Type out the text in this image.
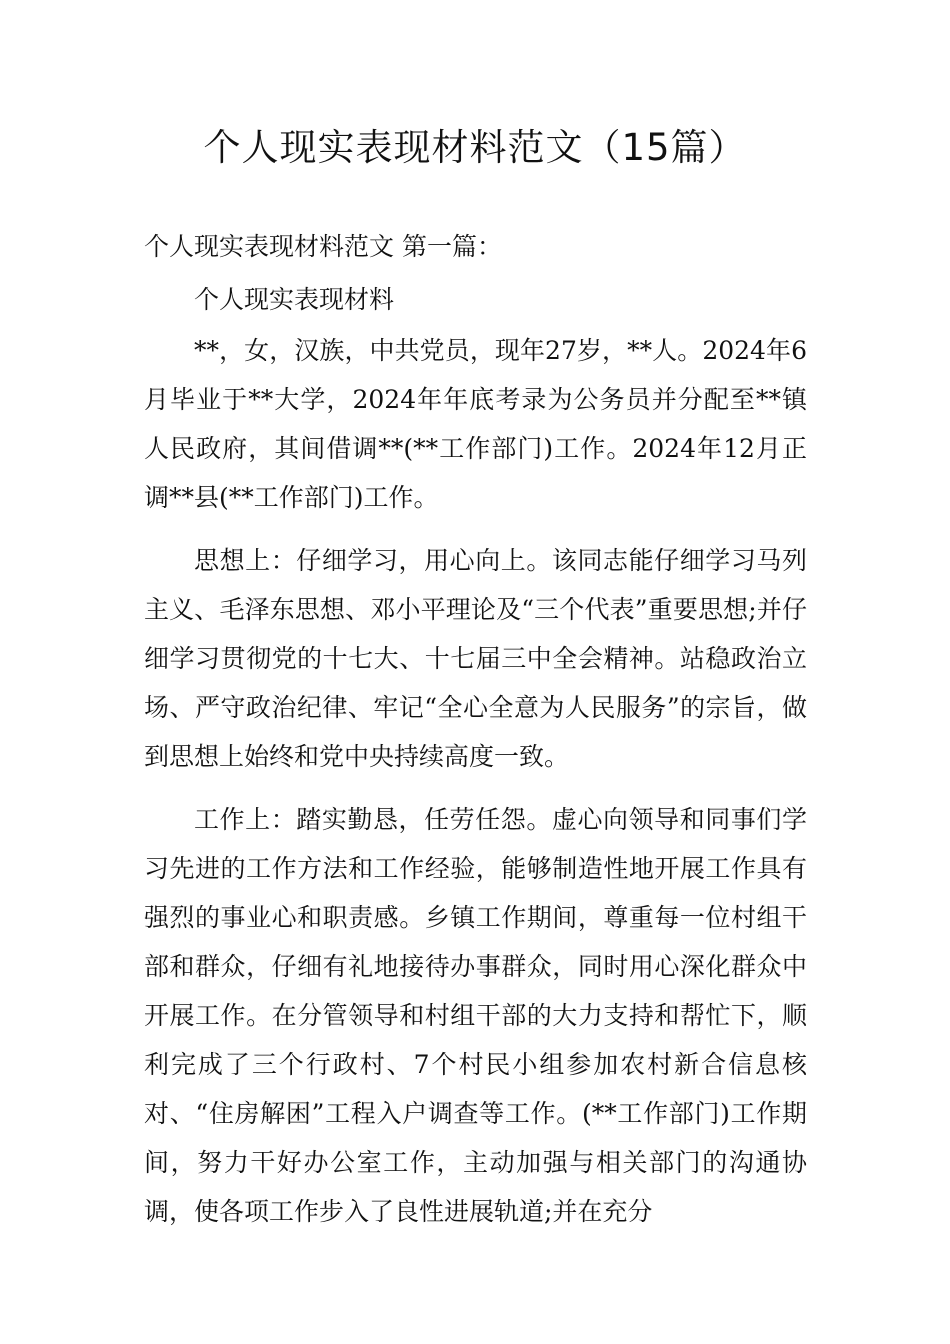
个人现实表现材料范文（15篇）

个人现实表现材料范文 第一篇：

个人现实表现材料

**，女，汉族，中共党员，现年27岁，**人。2024年6月毕业于**大学，2024年年底考录为公务员并分配至**镇人民政府，其间借调**(**工作部门)工作。2024年12月正调**县(**工作部门)工作。

思想上：仔细学习，用心向上。该同志能仔细学习马列主义、毛泽东思想、邓小平理论及“三个代表”重要思想;并仔细学习贯彻党的十七大、十七届三中全会精神。站稳政治立场、严守政治纪律、牢记“全心全意为人民服务”的宗旨，做到思想上始终和党中央持续高度一致。

工作上：踏实勤恳，任劳任怨。虚心向领导和同事们学习先进的工作方法和工作经验，能够制造性地开展工作具有强烈的事业心和职责感。乡镇工作期间，尊重每一位村组干部和群众，仔细有礼地接待办事群众，同时用心深化群众中开展工作。在分管领导和村组干部的大力支持和帮忙下，顺利完成了三个行政村、7个村民小组参加农村新合信息核对、“住房解困”工程入户调查等工作。(**工作部门)工作期间，努力干好办公室工作，主动加强与相关部门的沟通协调，使各项工作步入了良性进展轨道;并在充分
